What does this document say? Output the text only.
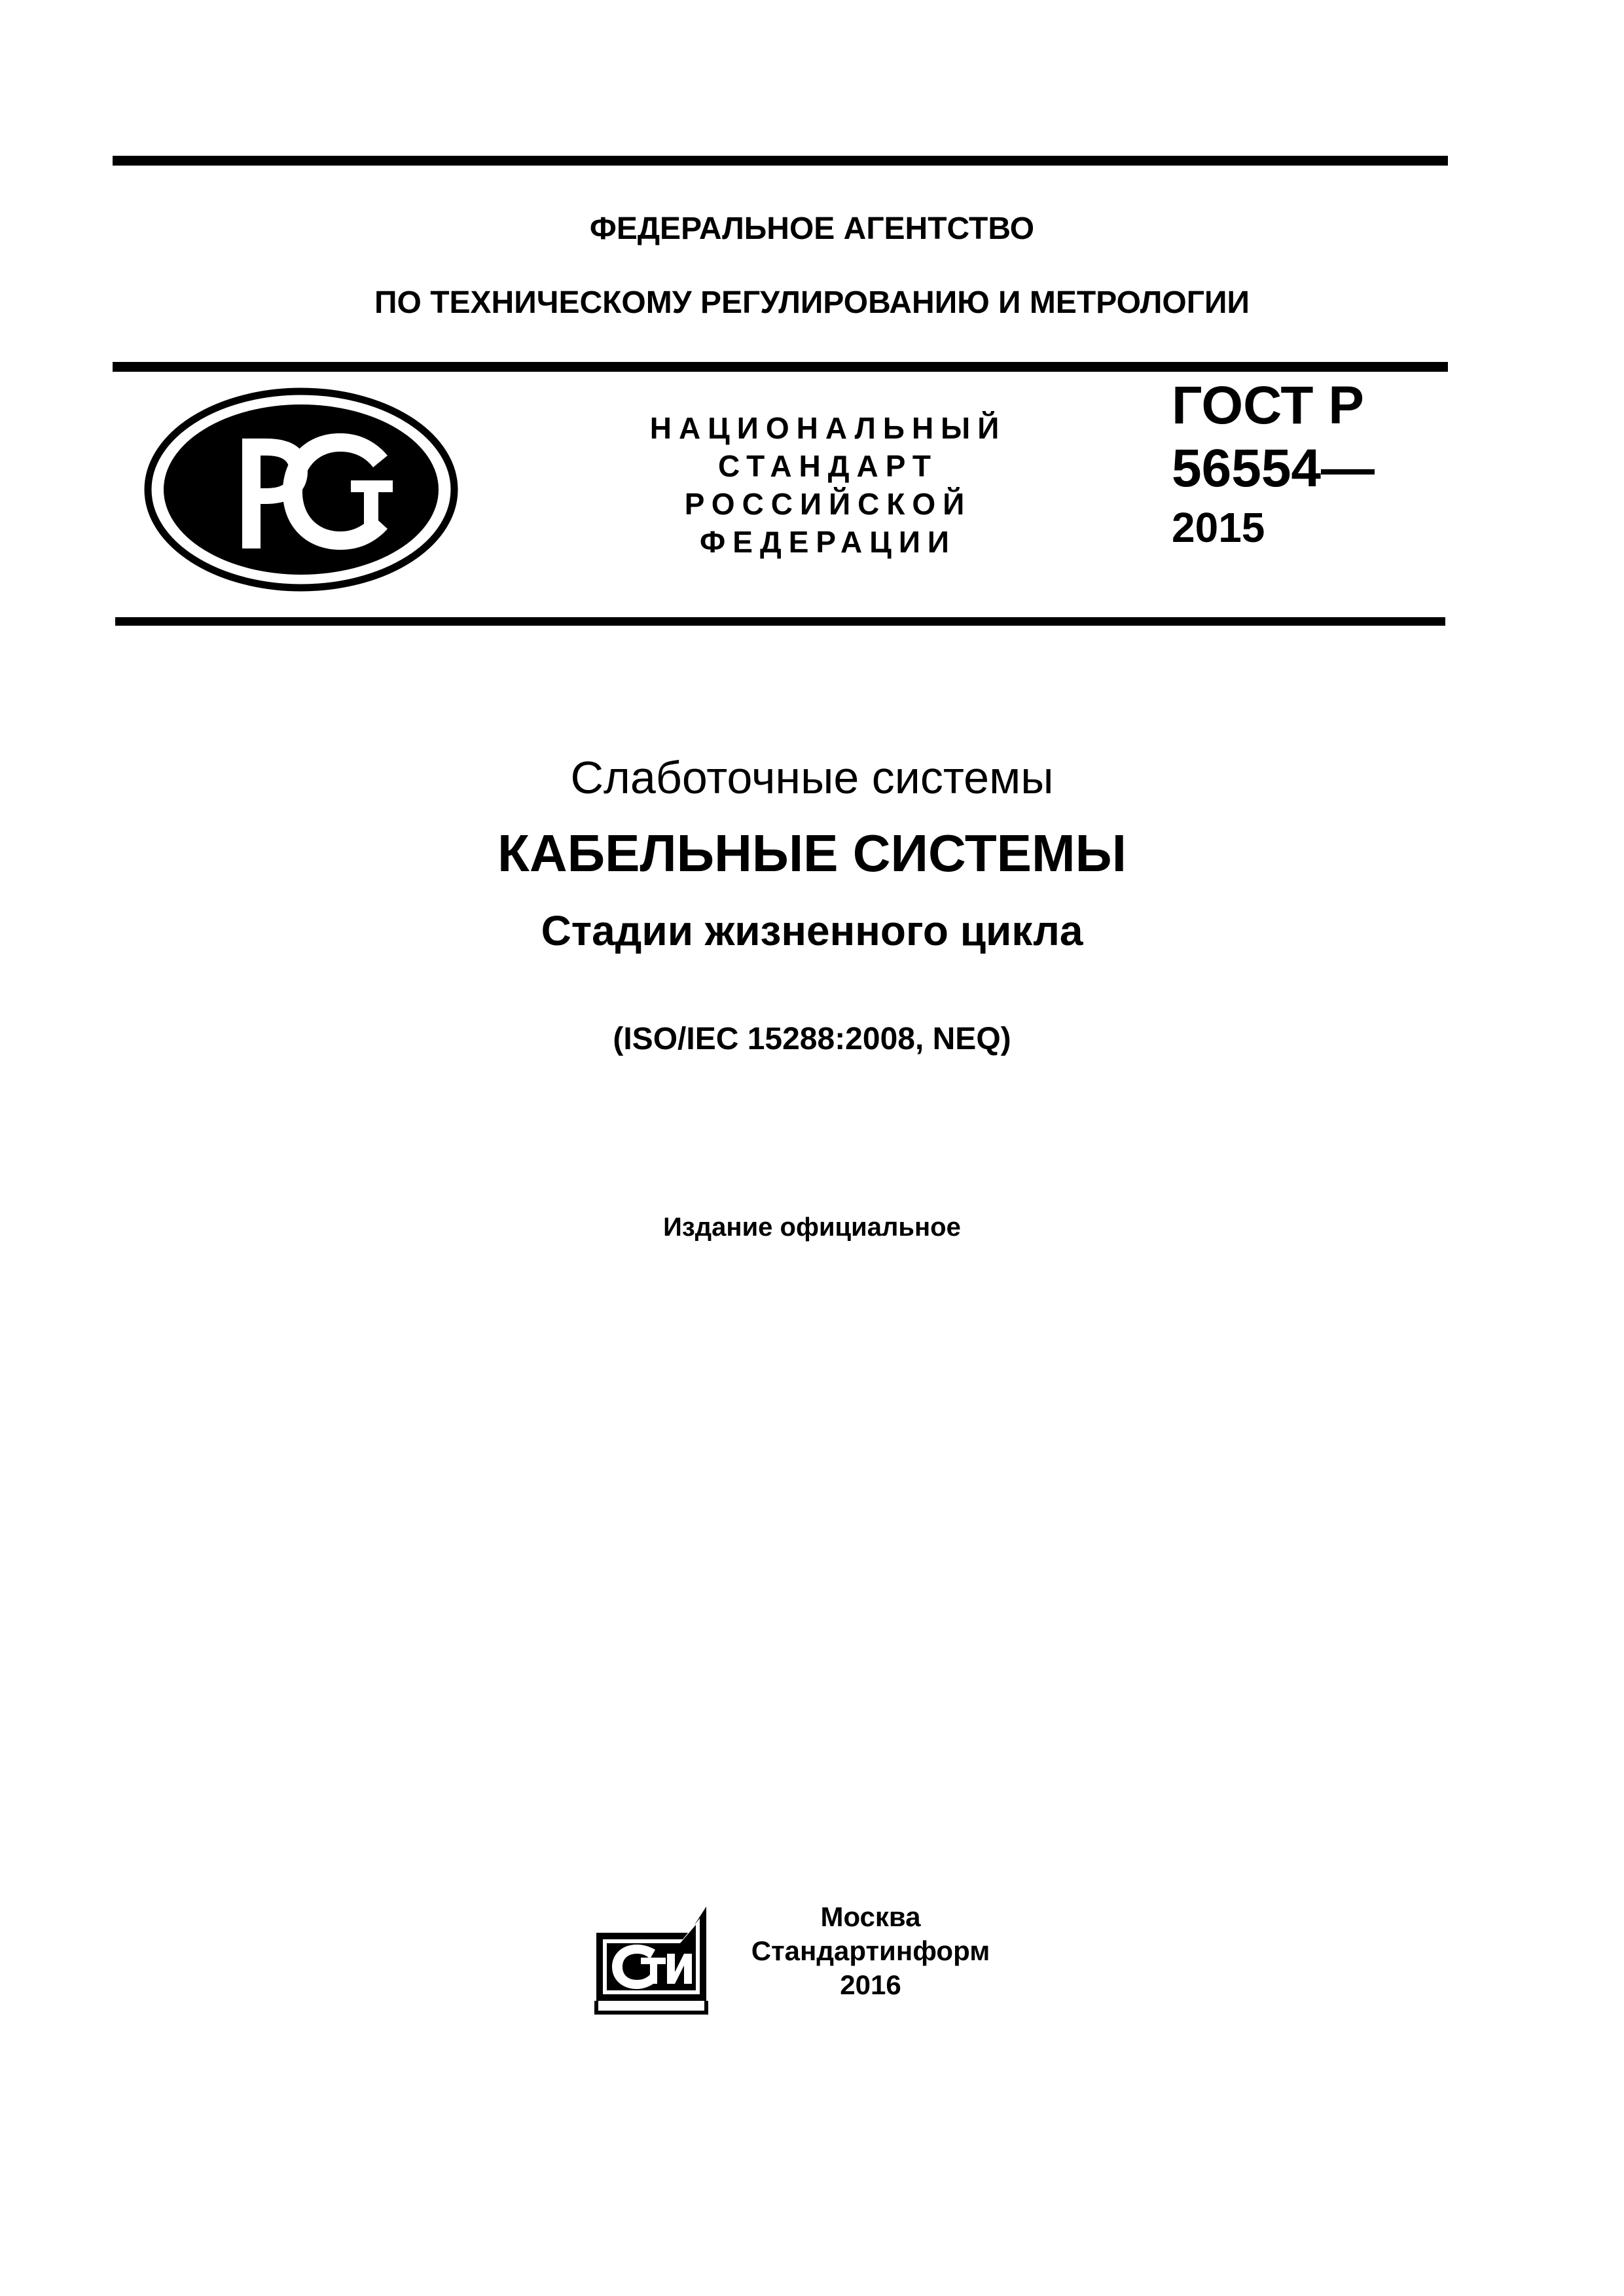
ФЕДЕРАЛЬНОЕ АГЕНТСТВО
ПО ТЕХНИЧЕСКОМУ РЕГУЛИРОВАНИЮ И МЕТРОЛОГИИ
НАЦИОНАЛЬНЫЙ
СТАНДАРТ
РОССИЙСКОЙ
ФЕДЕРАЦИИ
ГОСТ Р
56554—
2015
Слаботочные системы
КАБЕЛЬНЫЕ СИСТЕМЫ
Стадии жизненного цикла
(ISO/IEC 15288:2008, NEQ)
Издание официальное
Москва
Стандартинформ
2016
